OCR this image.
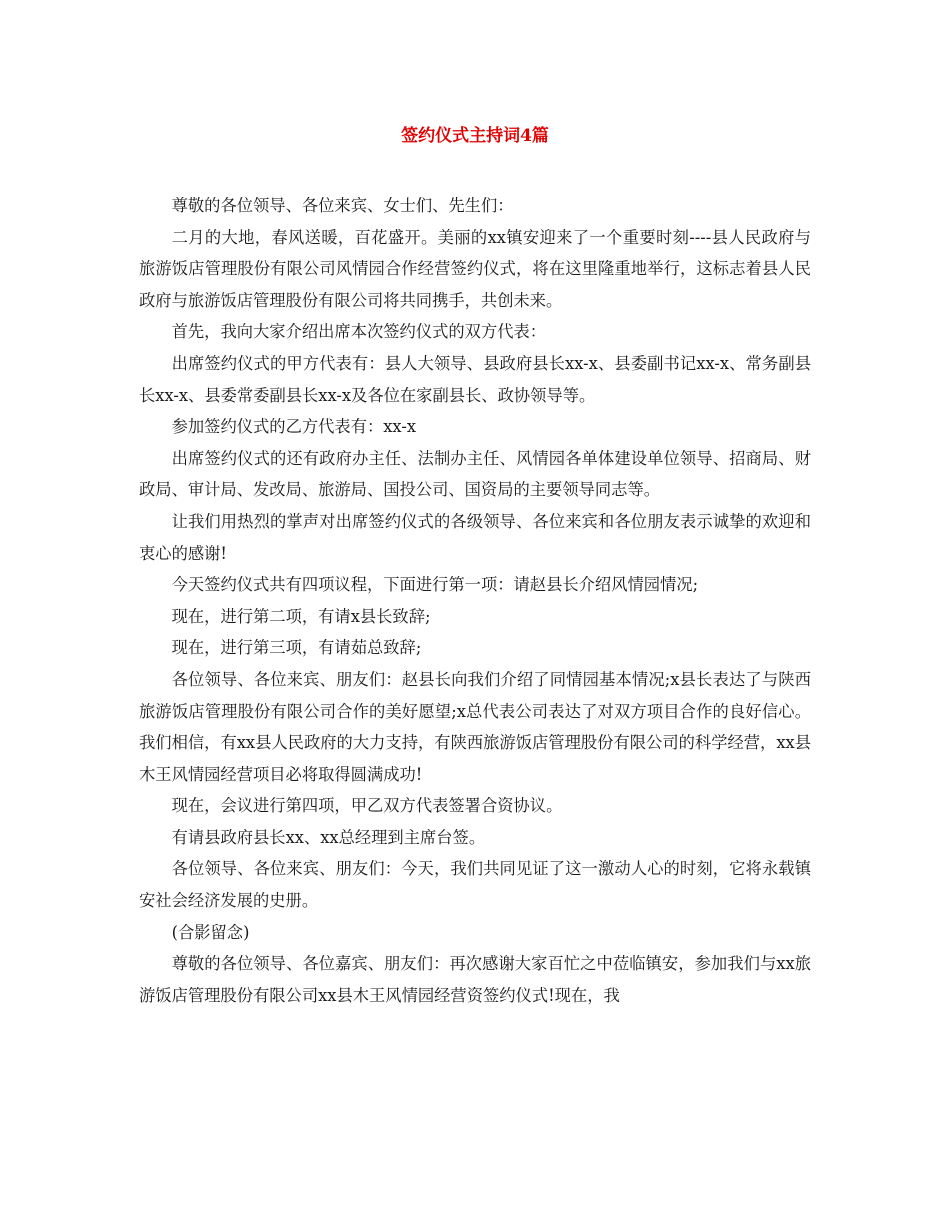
签约仪式主持词4篇

尊敬的各位领导、各位来宾、女士们、先生们：

二月的大地，春风送暖，百花盛开。美丽的xx镇安迎来了一个重要时刻----县人民政府与旅游饭店管理股份有限公司风情园合作经营签约仪式，将在这里隆重地举行，这标志着县人民政府与旅游饭店管理股份有限公司将共同携手，共创未来。

首先，我向大家介绍出席本次签约仪式的双方代表：

出席签约仪式的甲方代表有：县人大领导、县政府县长xx-x、县委副书记xx-x、常务副县长xx-x、县委常委副县长xx-x及各位在家副县长、政协领导等。

参加签约仪式的乙方代表有：xx-x

出席签约仪式的还有政府办主任、法制办主任、风情园各单体建设单位领导、招商局、财政局、审计局、发改局、旅游局、国投公司、国资局的主要领导同志等。

让我们用热烈的掌声对出席签约仪式的各级领导、各位来宾和各位朋友表示诚挚的欢迎和衷心的感谢!

今天签约仪式共有四项议程，下面进行第一项：请赵县长介绍风情园情况;

现在，进行第二项，有请x县长致辞;

现在，进行第三项，有请茹总致辞;

各位领导、各位来宾、朋友们：赵县长向我们介绍了同情园基本情况;x县长表达了与陕西旅游饭店管理股份有限公司合作的美好愿望;x总代表公司表达了对双方项目合作的良好信心。我们相信，有xx县人民政府的大力支持，有陕西旅游饭店管理股份有限公司的科学经营，xx县木王风情园经营项目必将取得圆满成功!

现在，会议进行第四项，甲乙双方代表签署合资协议。

有请县政府县长xx、xx总经理到主席台签。

各位领导、各位来宾、朋友们：今天，我们共同见证了这一激动人心的时刻，它将永载镇安社会经济发展的史册。

(合影留念)

尊敬的各位领导、各位嘉宾、朋友们：再次感谢大家百忙之中莅临镇安，参加我们与xx旅游饭店管理股份有限公司xx县木王风情园经营资签约仪式!现在，我
